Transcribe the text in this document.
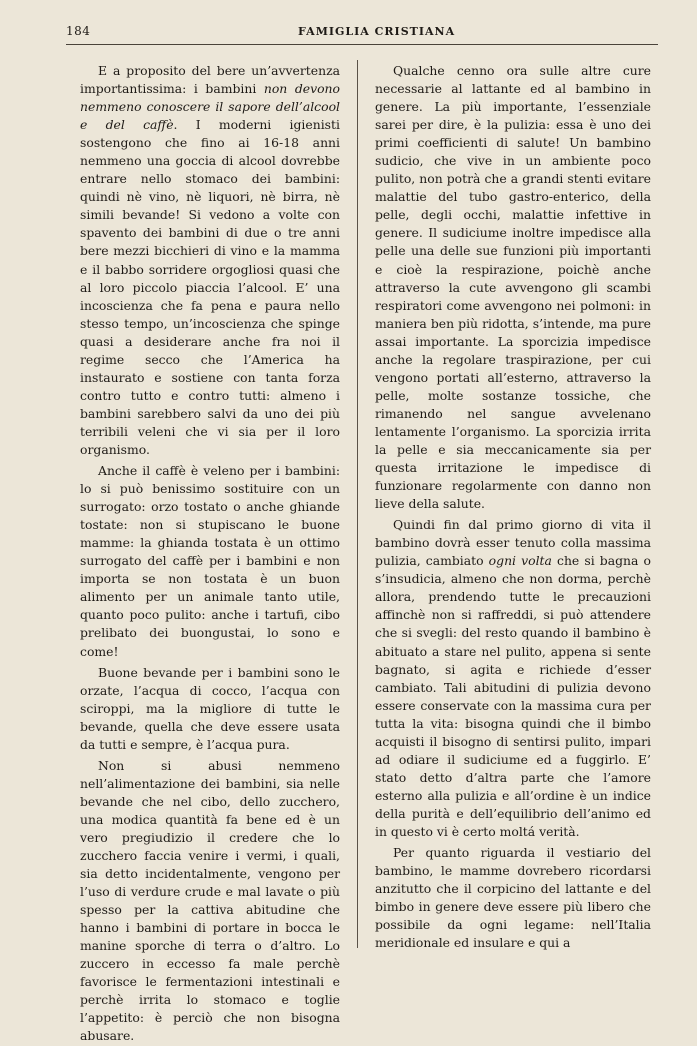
184	FAMIGLIA CRISTIANA

E a proposito del bere un’avvertenza importantissima: i bambini non devono nemmeno conoscere il sapore dell’alcool e del caffè. I moderni igienisti sostengono che fino ai 16-18 anni nemmeno una goccia di alcool dovrebbe entrare nello stomaco dei bambini: quindi nè vino, nè liquori, nè birra, nè simili bevande! Si vedono a volte con spavento dei bambini di due o tre anni bere mezzi bicchieri di vino e la mamma e il babbo sorridere orgogliosi quasi che al loro piccolo piaccia l’alcool. E’ una incoscienza che fa pena e paura nello stesso tempo, un’incoscienza che spinge quasi a desiderare anche fra noi il regime secco che l’America ha instaurato e sostiene con tanta forza contro tutto e contro tutti: almeno i bambini sarebbero salvi da uno dei più terribili veleni che vi sia per il loro organismo.

Anche il caffè è veleno per i bambini: lo si può benissimo sostituire con un surrogato: orzo tostato o anche ghiande tostate: non si stupiscano le buone mamme: la ghianda tostata è un ottimo surrogato del caffè per i bambini e non importa se non tostata è un buon alimento per un animale tanto utile, quanto poco pulito: anche i tartufi, cibo prelibato dei buongustai, lo sono e come!

Buone bevande per i bambini sono le orzate, l’acqua di cocco, l’acqua con sciroppi, ma la migliore di tutte le bevande, quella che deve essere usata da tutti e sempre, è l’acqua pura.

Non si abusi nemmeno nell’alimentazione dei bambini, sia nelle bevande che nel cibo, dello zucchero, una modica quantità fa bene ed è un vero pregiudizio il credere che lo zucchero faccia venire i vermi, i quali, sia detto incidentalmente, vengono per l’uso di verdure crude e mal lavate o più spesso per la cattiva abitudine che hanno i bambini di portare in bocca le manine sporche di terra o d’altro. Lo zuccero in eccesso fa male perchè favorisce le fermentazioni intestinali e perchè irrita lo stomaco e toglie l’appetito: è perciò che non bisogna abusare.

Qualche cenno ora sulle altre cure necessarie al lattante ed al bambino in genere. La più importante, l’essenziale sarei per dire, è la pulizia: essa è uno dei primi coefficienti di salute! Un bambino sudicio, che vive in un ambiente poco pulito, non potrà che a grandi stenti evitare malattie del tubo gastro-enterico, della pelle, degli occhi, malattie infettive in genere. Il sudiciume inoltre impedisce alla pelle una delle sue funzioni più importanti e cioè la respirazione, poichè anche attraverso la cute avvengono gli scambi respiratori come avvengono nei polmoni: in maniera ben più ridotta, s’intende, ma pure assai importante. La sporcizia impedisce anche la regolare traspirazione, per cui vengono portati all’esterno, attraverso la pelle, molte sostanze tossiche, che rimanendo nel sangue avvelenano lentamente l’organismo. La sporcizia irrita la pelle e sia meccanicamente sia per questa irritazione le impedisce di funzionare regolarmente con danno non lieve della salute.

Quindi fin dal primo giorno di vita il bambino dovrà esser tenuto colla massima pulizia, cambiato ogni volta che si bagna o s’insudicia, almeno che non dorma, perchè allora, prendendo tutte le precauzioni affinchè non si raffreddi, si può attendere che si svegli: del resto quando il bambino è abituato a stare nel pulito, appena si sente bagnato, si agita e richiede d’esser cambiato. Tali abitudini di pulizia devono essere conservate con la massima cura per tutta la vita: bisogna quindi che il bimbo acquisti il bisogno di sentirsi pulito, impari ad odiare il sudiciume ed a fuggirlo. E’ stato detto d’altra parte che l’amore esterno alla pulizia e all’ordine è un indice della purità e dell’equilibrio dell’animo ed in questo vi è certo moltá verità.

Per quanto riguarda il vestiario del bambino, le mamme dovrebero ricordarsi anzitutto che il corpicino del lattante e del bimbo in genere deve essere più libero che possibile da ogni legame: nell’Italia meridionale ed insulare e qui a
